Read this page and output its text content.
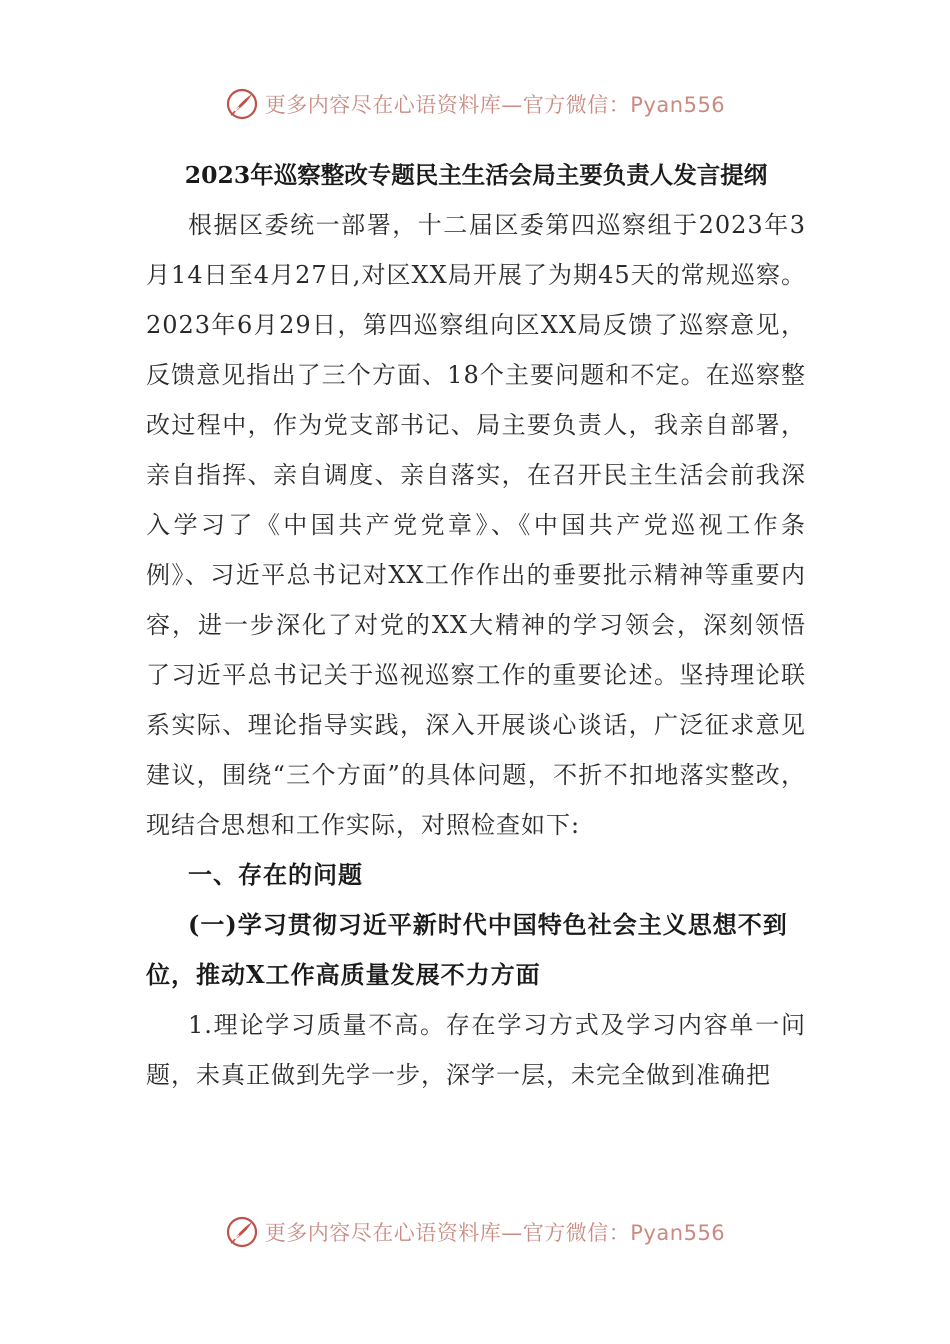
更多内容尽在心语资料库—官方微信：Pyan556
2023年巡察整改专题民主生活会局主要负责人发言提纲

根据区委统一部署，十二届区委第四巡察组于2023年3月14日至4月27日,对区XX局开展了为期45天的常规巡察。2023年6月29日，第四巡察组向区XX局反馈了巡察意见，反馈意见指出了三个方面、18个主要问题和不定。在巡察整改过程中，作为党支部书记、局主要负责人，我亲自部署，亲自指挥、亲自调度、亲自落实，在召开民主生活会前我深入学习了《中国共产党党章》、《中国共产党巡视工作条例》、习近平总书记对XX工作作出的垂要批示精神等重要内容，进一步深化了对党的XX大精神的学习领会，深刻领悟了习近平总书记关于巡视巡察工作的重要论述。坚持理论联系实际、理论指导实践，深入开展谈心谈话，广泛征求意见建议，围绕“三个方面”的具体问题，不折不扣地落实整改，现结合思想和工作实际，对照检查如下:

一、存在的问题

(一)学习贯彻习近平新时代中国特色社会主义思想不到位，推动X工作高质量发展不力方面

1.理论学习质量不高。存在学习方式及学习内容单一问题，未真正做到先学一步，深学一层，未完全做到准确把

更多内容尽在心语资料库—官方微信：Pyan556
